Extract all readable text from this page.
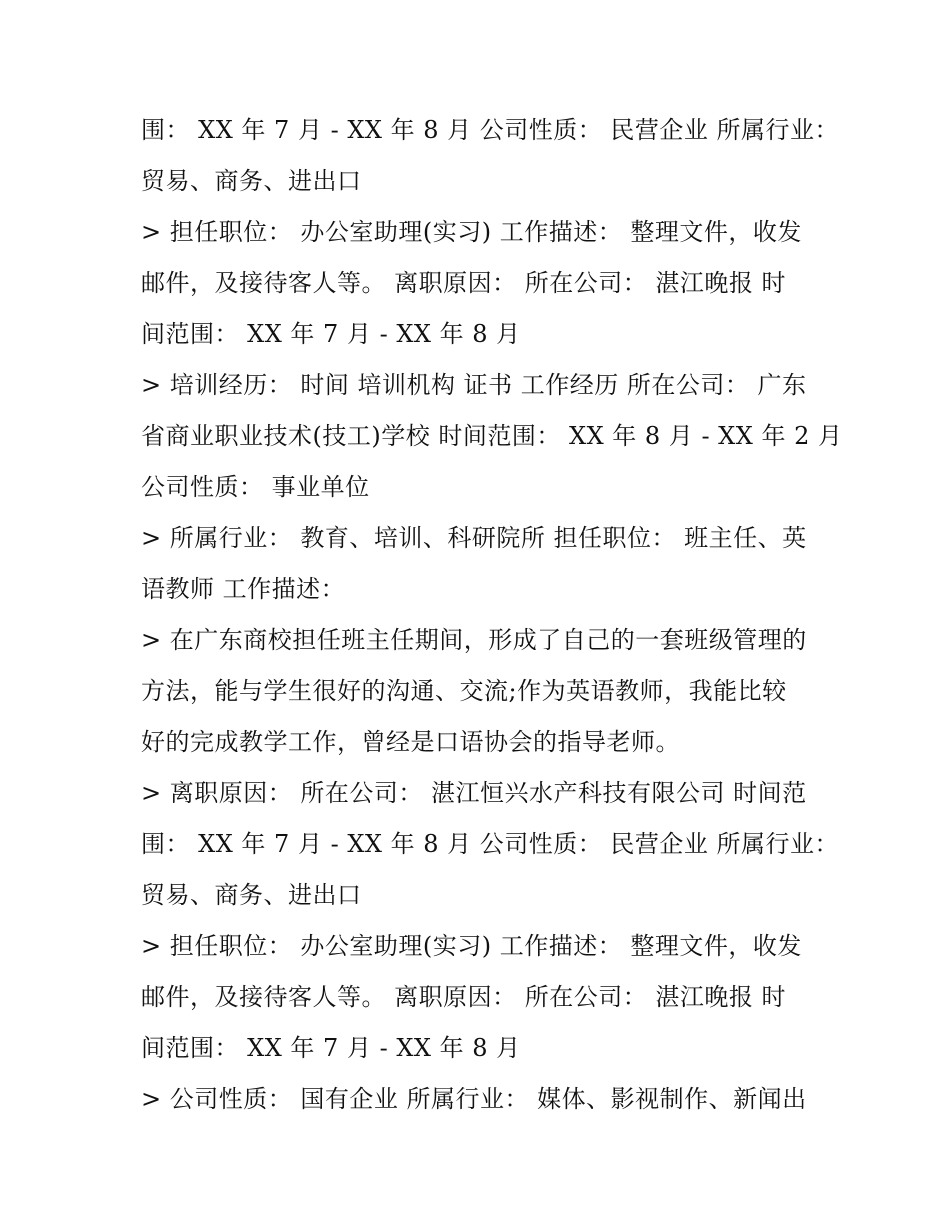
围： XX 年 7 月 - XX 年 8 月 公司性质： 民营企业 所属行业：
贸易、商务、进出口
> 担任职位： 办公室助理(实习) 工作描述： 整理文件，收发
邮件，及接待客人等。 离职原因： 所在公司： 湛江晚报 时
间范围： XX 年 7 月 - XX 年 8 月
> 培训经历： 时间 培训机构 证书 工作经历 所在公司： 广东
省商业职业技术(技工)学校 时间范围： XX 年 8 月 - XX 年 2 月
公司性质： 事业单位
> 所属行业： 教育、培训、科研院所 担任职位： 班主任、英
语教师 工作描述：
> 在广东商校担任班主任期间，形成了自己的一套班级管理的
方法，能与学生很好的沟通、交流;作为英语教师，我能比较
好的完成教学工作，曾经是口语协会的指导老师。
> 离职原因： 所在公司： 湛江恒兴水产科技有限公司 时间范
围： XX 年 7 月 - XX 年 8 月 公司性质： 民营企业 所属行业：
贸易、商务、进出口
> 担任职位： 办公室助理(实习) 工作描述： 整理文件，收发
邮件，及接待客人等。 离职原因： 所在公司： 湛江晚报 时
间范围： XX 年 7 月 - XX 年 8 月
> 公司性质： 国有企业 所属行业： 媒体、影视制作、新闻出
